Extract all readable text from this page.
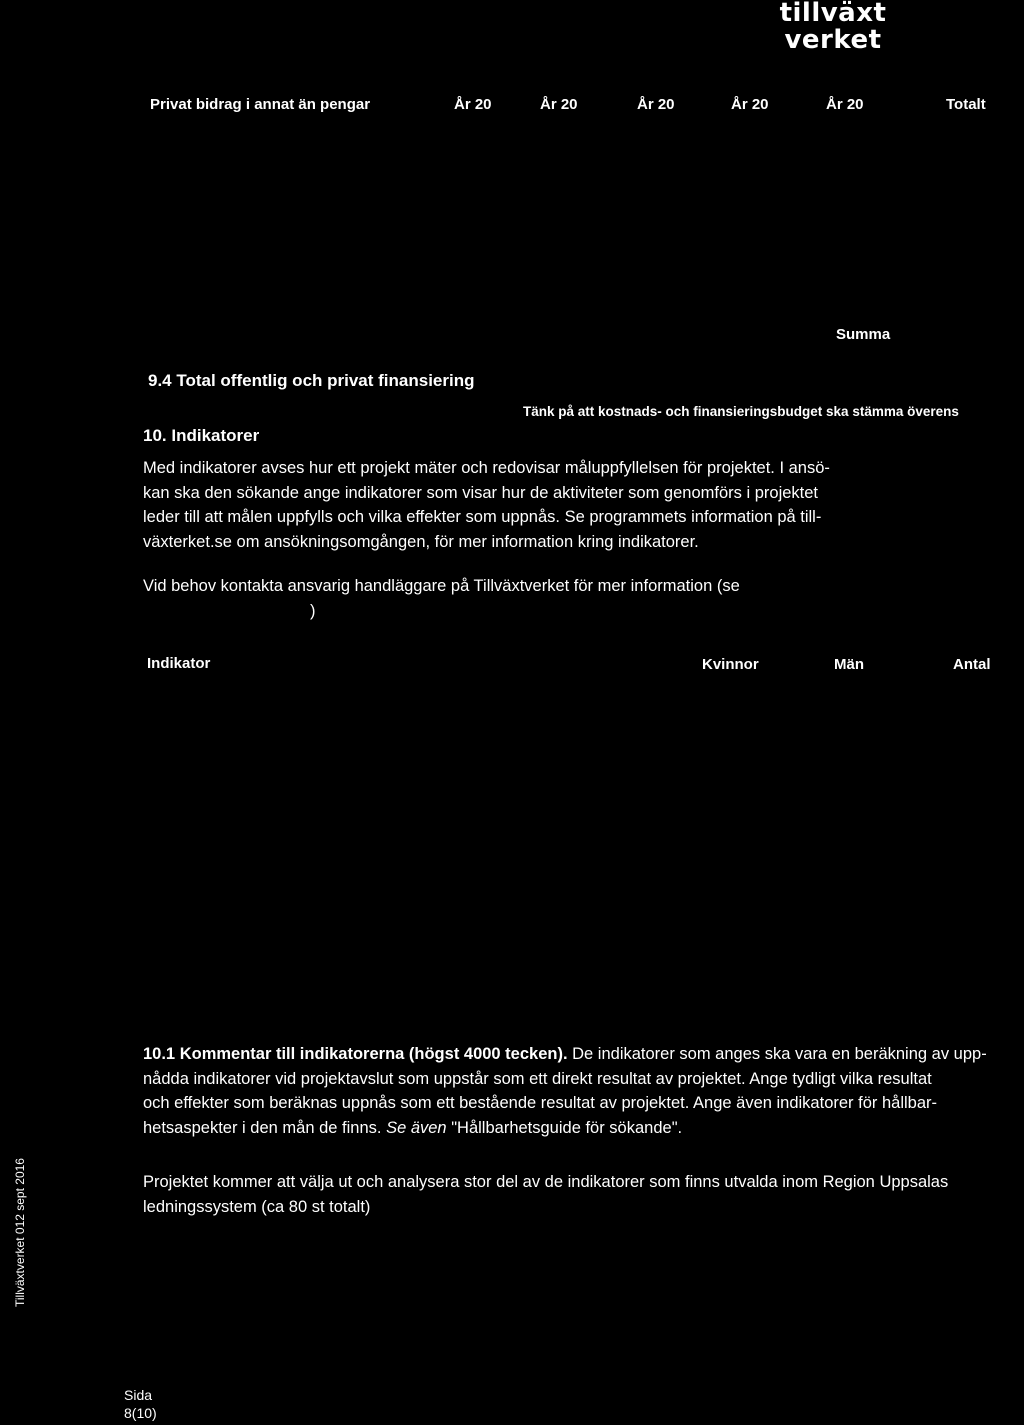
tillväxt
verket
Privat bidrag i annat än pengar	År 20	År 20	År 20	År 20	År 20	Totalt
Summa
9.4 Total offentlig och privat finansiering
Tänk på att kostnads- och finansieringsbudget ska stämma överens
10. Indikatorer
Med indikatorer avses hur ett projekt mäter och redovisar måluppfyllelsen för projektet. I ansö-
kan ska den sökande ange indikatorer som visar hur de aktiviteter som genomförs i projektet
leder till att målen uppfylls och vilka effekter som uppnås. Se programmets information på till-
växterket.se om ansökningsomgången, för mer information kring indikatorer.
Vid behov kontakta ansvarig handläggare på Tillväxtverket för mer information (se
)
Indikator	Kvinnor	Män	Antal
10.1 Kommentar till indikatorerna (högst 4000 tecken). De indikatorer som anges ska vara en beräkning av upp-
nådda indikatorer vid projektavslut som uppstår som ett direkt resultat av projektet. Ange tydligt vilka resultat
och effekter som beräknas uppnås som ett bestående resultat av projektet. Ange även indikatorer för hållbar-
hetsaspekter i den mån de finns. Se även "Hållbarhetsguide för sökande".
Projektet kommer att välja ut och analysera stor del av de indikatorer som finns utvalda inom Region Uppsalas
ledningssystem (ca 80 st totalt)
Tillväxtverket 012 sept 2016
Sida
8(10)
